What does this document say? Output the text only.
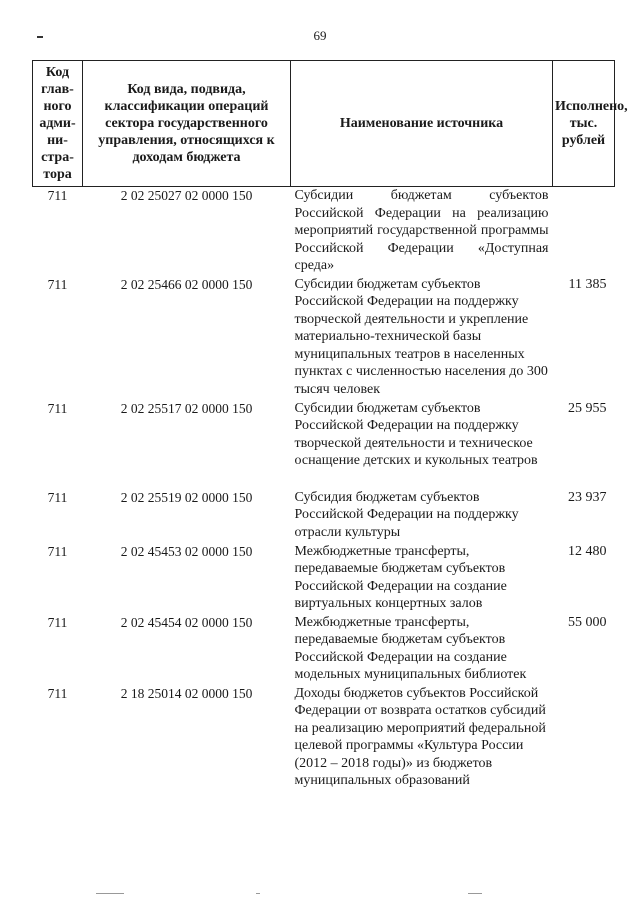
69
Код глав-ного адми-ни-стра-тора	Код вида, подвида, классификации операций сектора государственного управления, относящихся к доходам бюджета	Наименование источника	Исполнено, тыс. рублей
711	2 02 25027 02 0000 150	Субсидии бюджетам субъектов Российской Федерации на реализацию мероприятий государственной программы Российской Федерации «Доступная среда»	
711	2 02 25466 02 0000 150	Субсидии бюджетам субъектов Российской Федерации на поддержку творческой деятельности и укрепление материально-технической базы муниципальных театров в населенных пунктах с численностью населения до 300 тысяч человек	11 385
711	2 02 25517 02 0000 150	Субсидии бюджетам субъектов Российской Федерации на поддержку творческой деятельности и техническое оснащение детских и кукольных театров	25 955
711	2 02 25519 02 0000 150	Субсидия бюджетам субъектов Российской Федерации на поддержку отрасли культуры	23 937
711	2 02 45453 02 0000 150	Межбюджетные трансферты, передаваемые бюджетам субъектов Российской Федерации на создание виртуальных концертных залов	12 480
711	2 02 45454 02 0000 150	Межбюджетные трансферты, передаваемые бюджетам субъектов Российской Федерации на создание модельных муниципальных библиотек	55 000
711	2 18 25014 02 0000 150	Доходы бюджетов субъектов Российской Федерации от возврата остатков субсидий на реализацию мероприятий федеральной целевой программы «Культура России (2012 – 2018 годы)» из бюджетов муниципальных образований	
